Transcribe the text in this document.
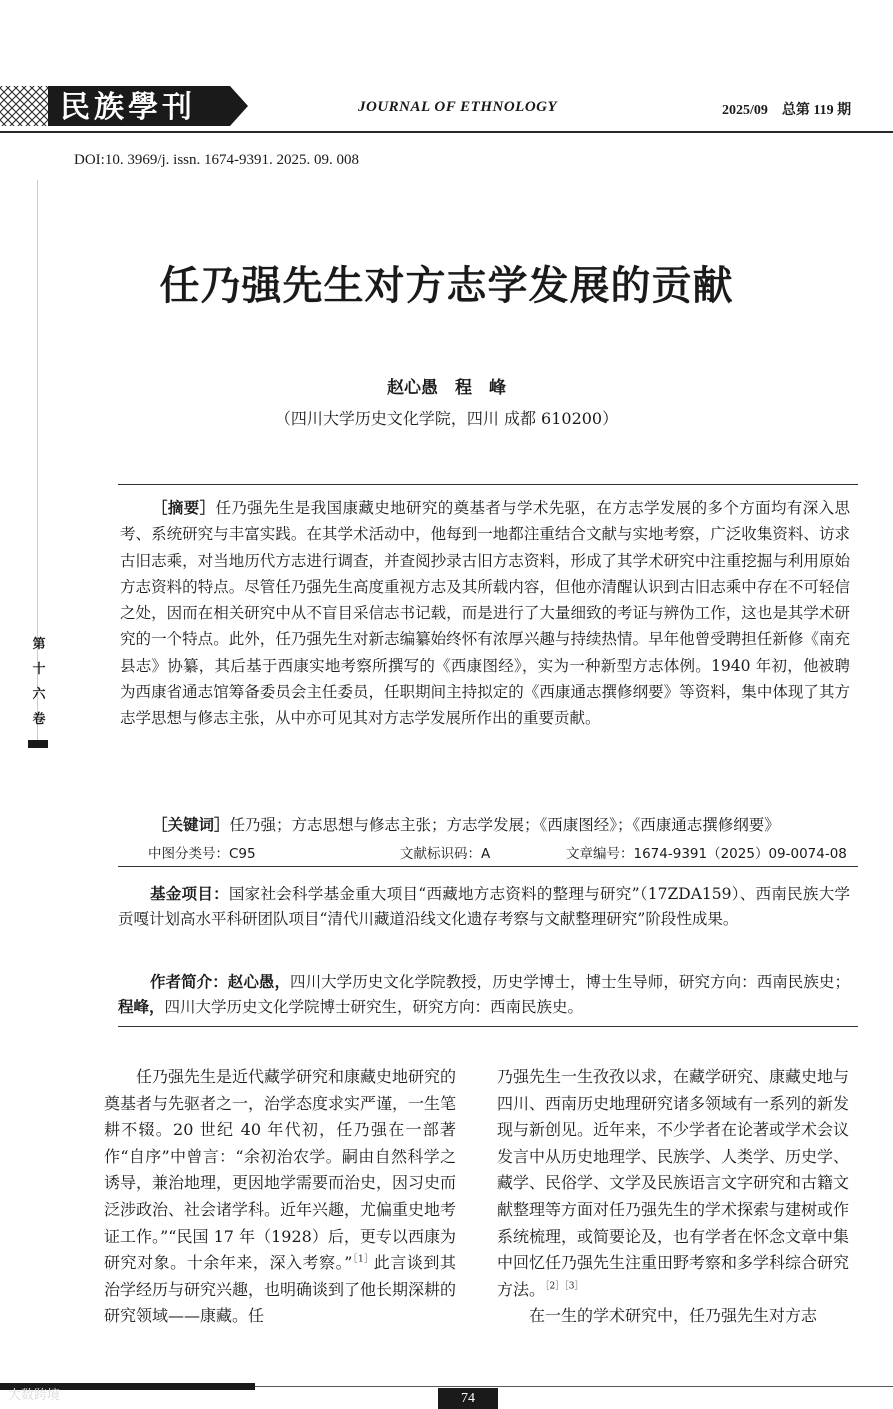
民族學刊	JOURNAL OF ETHNOLOGY	2025/09　总第 119 期
DOI:10. 3969/j. issn. 1674-9391. 2025. 09. 008
第
十
六
卷
任乃强先生对方志学发展的贡献
赵心愚　程　峰
（四川大学历史文化学院，四川 成都 610200）
［摘要］任乃强先生是我国康藏史地研究的奠基者与学术先驱，在方志学发展的多个方面均有深入思考、系统研究与丰富实践。在其学术活动中，他每到一地都注重结合文献与实地考察，广泛收集资料、访求古旧志乘，对当地历代方志进行调查，并查阅抄录古旧方志资料，形成了其学术研究中注重挖掘与利用原始方志资料的特点。尽管任乃强先生高度重视方志及其所载内容，但他亦清醒认识到古旧志乘中存在不可轻信之处，因而在相关研究中从不盲目采信志书记载，而是进行了大量细致的考证与辨伪工作，这也是其学术研究的一个特点。此外，任乃强先生对新志编纂始终怀有浓厚兴趣与持续热情。早年他曾受聘担任新修《南充县志》协纂，其后基于西康实地考察所撰写的《西康图经》，实为一种新型方志体例。1940 年初，他被聘为西康省通志馆筹备委员会主任委员，任职期间主持拟定的《西康通志撰修纲要》等资料，集中体现了其方志学思想与修志主张，从中亦可见其对方志学发展所作出的重要贡献。
［关键词］任乃强；方志思想与修志主张；方志学发展；《西康图经》；《西康通志撰修纲要》
中图分类号：C95	文献标识码：A	文章编号：1674-9391（2025）09-0074-08
基金项目：国家社会科学基金重大项目“西藏地方志资料的整理与研究”（17ZDA159）、西南民族大学贡嘎计划高水平科研团队项目“清代川藏道沿线文化遗存考察与文献整理研究”阶段性成果。
作者简介：赵心愚，四川大学历史文化学院教授，历史学博士，博士生导师，研究方向：西南民族史；程峰，四川大学历史文化学院博士研究生，研究方向：西南民族史。

任乃强先生是近代藏学研究和康藏史地研究的奠基者与先驱者之一，治学态度求实严谨，一生笔耕不辍。20 世纪 40 年代初，任乃强在一部著作“自序”中曾言：“余初治农学。嗣由自然科学之诱导，兼治地理，更因地学需要而治史，因习史而泛涉政治、社会诸学科。近年兴趣，尤偏重史地考证工作。”“民国 17 年（1928）后，更专以西康为研究对象。十余年来，深入考察。”$^{[1]}$此言谈到其治学经历与研究兴趣，也明确谈到了他长期深耕的研究领域——康藏。任

乃强先生一生孜孜以求，在藏学研究、康藏史地与四川、西南历史地理研究诸多领域有一系列的新发现与新创见。近年来，不少学者在论著或学术会议发言中从历史地理学、民族学、人类学、历史学、藏学、民俗学、文学及民族语言文字研究和古籍文献整理等方面对任乃强先生的学术探索与建树或作系统梳理，或简要论及，也有学者在怀念文章中集中回忆任乃强先生注重田野考察和多学科综合研究方法。$^{[2][3]}$

在一生的学术研究中，任乃强先生对方志

大数跨境	74
